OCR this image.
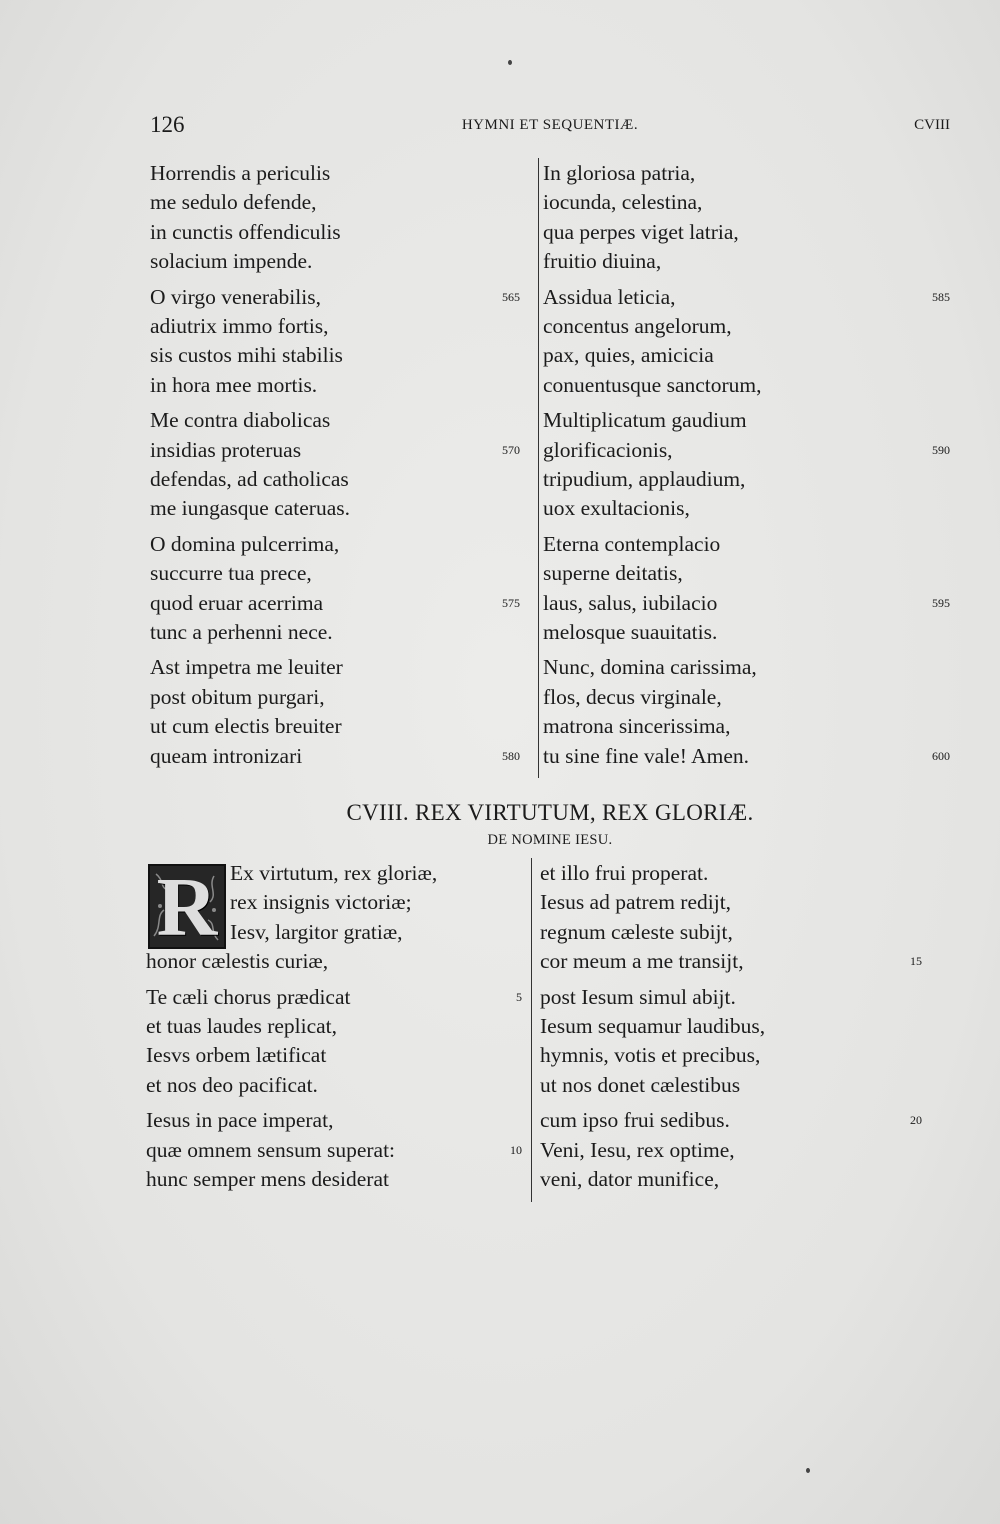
126	HYMNI ET SEQUENTIÆ.	CVIII
Horrendis a periculis
me sedulo defende,
in cunctis offendiculis
solacium impende.
O virgo venerabilis,
adiutrix immo fortis,
sis custos mihi stabilis
in hora mee mortis.
Me contra diabolicas
insidias proteruas
defendas, ad catholicas
me iungasque cateruas.
O domina pulcerrima,
succurre tua prece,
quod eruar acerrima
tunc a perhenni nece.
Ast impetra me leuiter
post obitum purgari,
ut cum electis breuiter
queam intronizari
565
570
575
580
In gloriosa patria,
iocunda, celestina,
qua perpes viget latria,
fruitio diuina,
Assidua leticia,
concentus angelorum,
pax, quies, amicicia
conuentusque sanctorum,
Multiplicatum gaudium
glorificacionis,
tripudium, applaudium,
uox exultacionis,
Eterna contemplacio
superne deitatis,
laus, salus, iubilacio
melosque suauitatis.
Nunc, domina carissima,
flos, decus virginale,
matrona sincerissima,
tu sine fine vale! Amen.
585
590
595
600
CVIII. REX VIRTUTUM, REX GLORIÆ.
DE NOMINE IESU.
R Ex virtutum, rex gloriæ,
rex insignis victoriæ;
Iesv, largitor gratiæ,
honor cælestis curiæ,
Te cæli chorus prædicat
et tuas laudes replicat,
Iesvs orbem lætificat
et nos deo pacificat.
Iesus in pace imperat,
quæ omnem sensum superat:
hunc semper mens desiderat
5
10
et illo frui properat.
Iesus ad patrem redijt,
regnum cæleste subijt,
cor meum a me transijt,
post Iesum simul abijt.
Iesum sequamur laudibus,
hymnis, votis et precibus,
ut nos donet cælestibus
cum ipso frui sedibus.
Veni, Iesu, rex optime,
veni, dator munifice,
15
20
